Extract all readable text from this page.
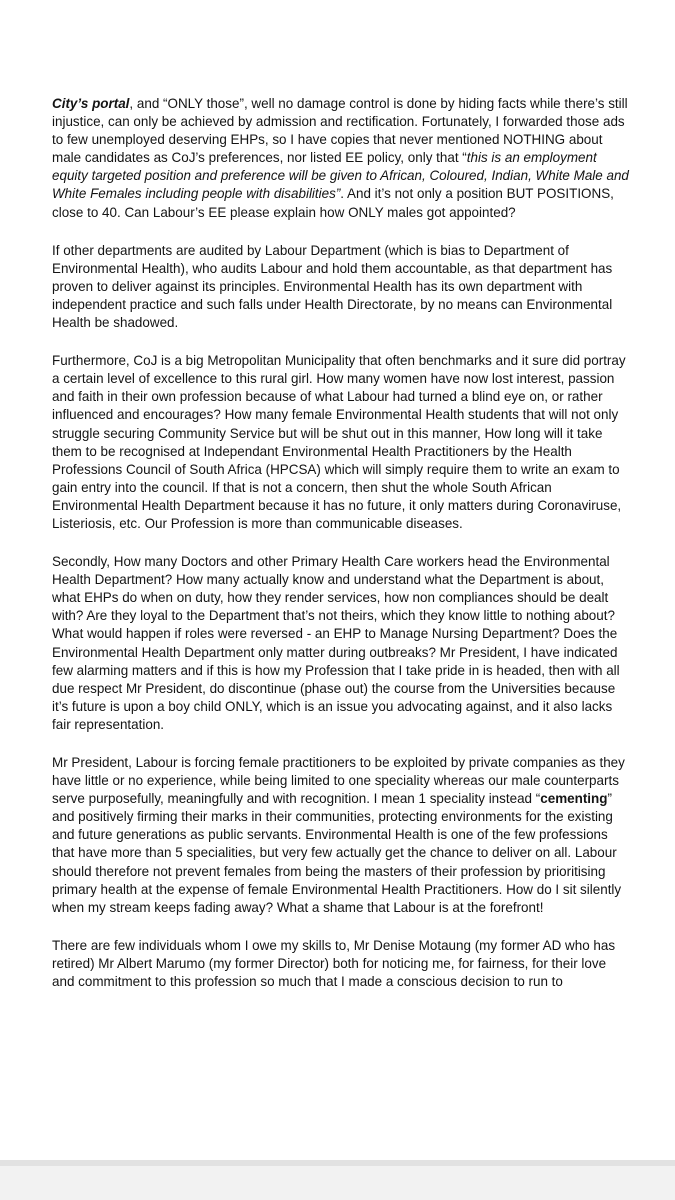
City’s portal, and “ONLY those”, well no damage control is done by hiding facts while there’s still injustice, can only be achieved by admission and rectification. Fortunately, I forwarded those ads to few unemployed deserving EHPs, so I have copies that never mentioned NOTHING about male candidates as CoJ’s preferences, nor listed EE policy, only that “this is an employment equity targeted position and preference will be given to African, Coloured, Indian, White Male and White Females including people with disabilities”. And it’s not only a position BUT POSITIONS, close to 40. Can Labour’s EE please explain how ONLY males got appointed?

If other departments are audited by Labour Department (which is bias to Department of Environmental Health), who audits Labour and hold them accountable, as that department has proven to deliver against its principles. Environmental Health has its own department with independent practice and such falls under Health Directorate, by no means can Environmental Health be shadowed.

Furthermore, CoJ is a big Metropolitan Municipality that often benchmarks and it sure did portray a certain level of excellence to this rural girl. How many women have now lost interest, passion and faith in their own profession because of what Labour had turned a blind eye on, or rather influenced and encourages? How many female Environmental Health students that will not only struggle securing Community Service but will be shut out in this manner, How long will it take them to be recognised at Independant Environmental Health Practitioners by the Health Professions Council of South Africa (HPCSA) which will simply require them to write an exam to gain entry into the council. If that is not a concern, then shut the whole South African Environmental Health Department because it has no future, it only matters during Coronaviruse, Listeriosis, etc. Our Profession is more than communicable diseases.

Secondly, How many Doctors and other Primary Health Care workers head the Environmental Health Department? How many actually know and understand what the Department is about, what EHPs do when on duty, how they render services, how non compliances should be dealt with? Are they loyal to the Department that’s not theirs, which they know little to nothing about? What would happen if roles were reversed - an EHP to Manage Nursing Department? Does the Environmental Health Department only matter during outbreaks? Mr President, I have indicated few alarming matters and if this is how my Profession that I take pride in is headed, then with all due respect Mr President, do discontinue (phase out) the course from the Universities because it’s future is upon a boy child ONLY, which is an issue you advocating against, and it also lacks fair representation.

Mr President, Labour is forcing female practitioners to be exploited by private companies as they have little or no experience, while being limited to one speciality whereas our male counterparts serve purposefully, meaningfully and with recognition. I mean 1 speciality instead “cementing” and positively firming their marks in their communities, protecting environments for the existing and future generations as public servants. Environmental Health is one of the few professions that have more than 5 specialities, but very few actually get the chance to deliver on all. Labour should therefore not prevent females from being the masters of their profession by prioritising primary health at the expense of female Environmental Health Practitioners. How do I sit silently when my stream keeps fading away? What a shame that Labour is at the forefront!

There are few individuals whom I owe my skills to, Mr Denise Motaung (my former AD who has retired) Mr Albert Marumo (my former Director) both for noticing me, for fairness, for their love and commitment to this profession so much that I made a conscious decision to run to
